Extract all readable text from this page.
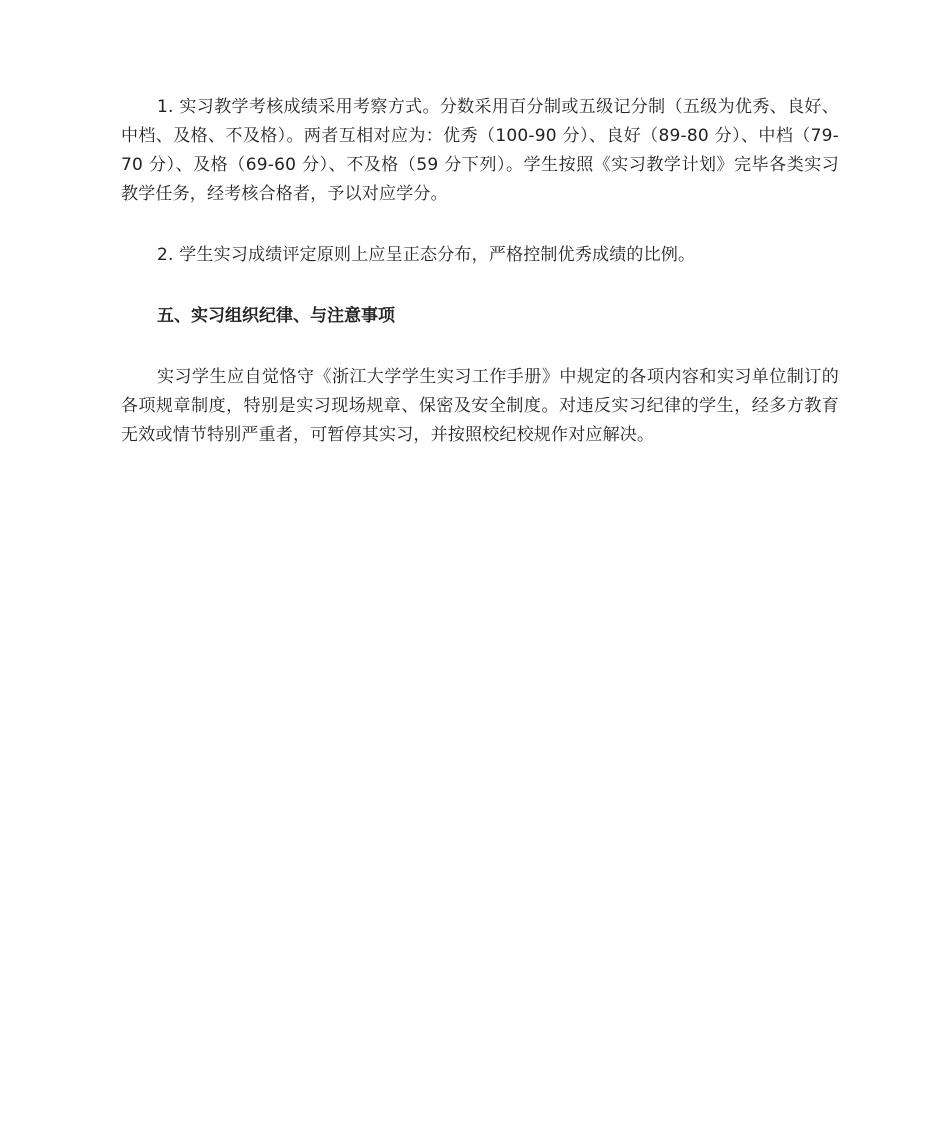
1. 实习教学考核成绩采用考察方式。分数采用百分制或五级记分制（五级为优秀、良好、中档、及格、不及格）。两者互相对应为：优秀（100-90 分）、良好（89-80 分）、中档（79-70 分）、及格（69-60 分）、不及格（59 分下列）。学生按照《实习教学计划》完毕各类实习教学任务，经考核合格者，予以对应学分。

2. 学生实习成绩评定原则上应呈正态分布，严格控制优秀成绩的比例。

五、实习组织纪律、与注意事项

实习学生应自觉恪守《浙江大学学生实习工作手册》中规定的各项内容和实习单位制订的各项规章制度，特别是实习现场规章、保密及安全制度。对违反实习纪律的学生，经多方教育无效或情节特别严重者，可暂停其实习，并按照校纪校规作对应解决。
